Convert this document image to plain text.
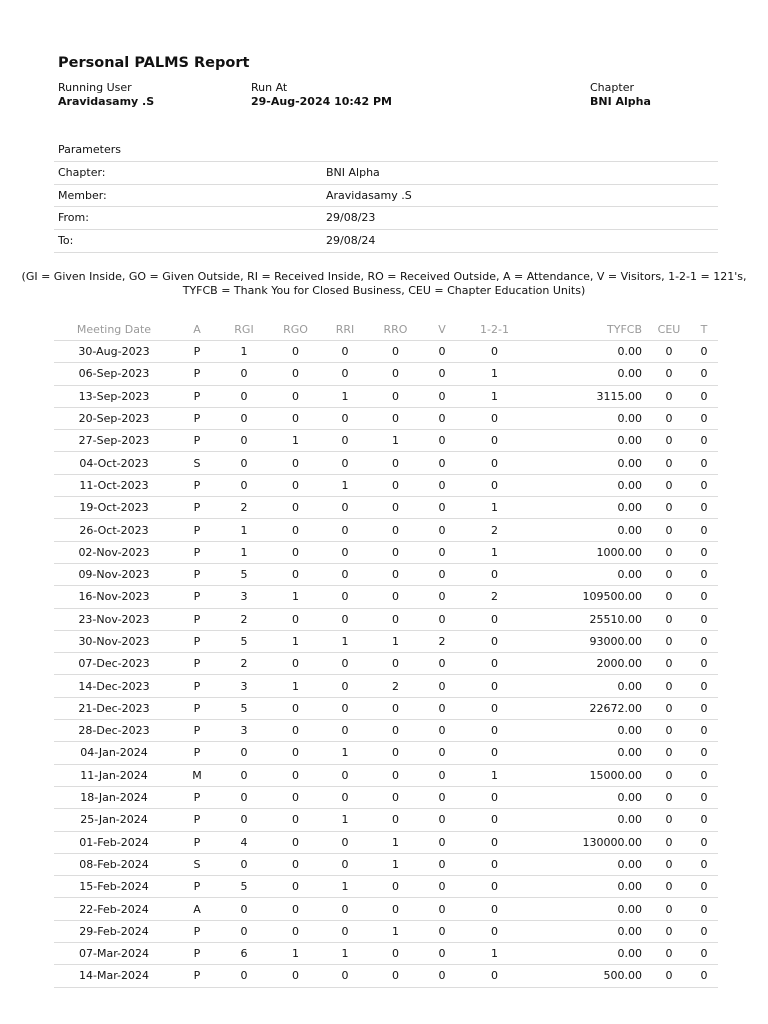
Personal PALMS Report
Running User
Aravidasamy .S
Run At
29-Aug-2024 10:42 PM
Chapter
BNI Alpha
Parameters
Chapter:	BNI Alpha
Member:	Aravidasamy .S
From:	29/08/23
To:	29/08/24
(GI = Given Inside, GO = Given Outside, RI = Received Inside, RO = Received Outside, A = Attendance, V = Visitors, 1-2-1 = 121's,
TYFCB = Thank You for Closed Business, CEU = Chapter Education Units)
Meeting Date	A	RGI	RGO	RRI	RRO	V	1-2-1	TYFCB	CEU	T
30-Aug-2023	P	1	0	0	0	0	0	0.00	0	0
06-Sep-2023	P	0	0	0	0	0	1	0.00	0	0
13-Sep-2023	P	0	0	1	0	0	1	3115.00	0	0
20-Sep-2023	P	0	0	0	0	0	0	0.00	0	0
27-Sep-2023	P	0	1	0	1	0	0	0.00	0	0
04-Oct-2023	S	0	0	0	0	0	0	0.00	0	0
11-Oct-2023	P	0	0	1	0	0	0	0.00	0	0
19-Oct-2023	P	2	0	0	0	0	1	0.00	0	0
26-Oct-2023	P	1	0	0	0	0	2	0.00	0	0
02-Nov-2023	P	1	0	0	0	0	1	1000.00	0	0
09-Nov-2023	P	5	0	0	0	0	0	0.00	0	0
16-Nov-2023	P	3	1	0	0	0	2	109500.00	0	0
23-Nov-2023	P	2	0	0	0	0	0	25510.00	0	0
30-Nov-2023	P	5	1	1	1	2	0	93000.00	0	0
07-Dec-2023	P	2	0	0	0	0	0	2000.00	0	0
14-Dec-2023	P	3	1	0	2	0	0	0.00	0	0
21-Dec-2023	P	5	0	0	0	0	0	22672.00	0	0
28-Dec-2023	P	3	0	0	0	0	0	0.00	0	0
04-Jan-2024	P	0	0	1	0	0	0	0.00	0	0
11-Jan-2024	M	0	0	0	0	0	1	15000.00	0	0
18-Jan-2024	P	0	0	0	0	0	0	0.00	0	0
25-Jan-2024	P	0	0	1	0	0	0	0.00	0	0
01-Feb-2024	P	4	0	0	1	0	0	130000.00	0	0
08-Feb-2024	S	0	0	0	1	0	0	0.00	0	0
15-Feb-2024	P	5	0	1	0	0	0	0.00	0	0
22-Feb-2024	A	0	0	0	0	0	0	0.00	0	0
29-Feb-2024	P	0	0	0	1	0	0	0.00	0	0
07-Mar-2024	P	6	1	1	0	0	1	0.00	0	0
14-Mar-2024	P	0	0	0	0	0	0	500.00	0	0
